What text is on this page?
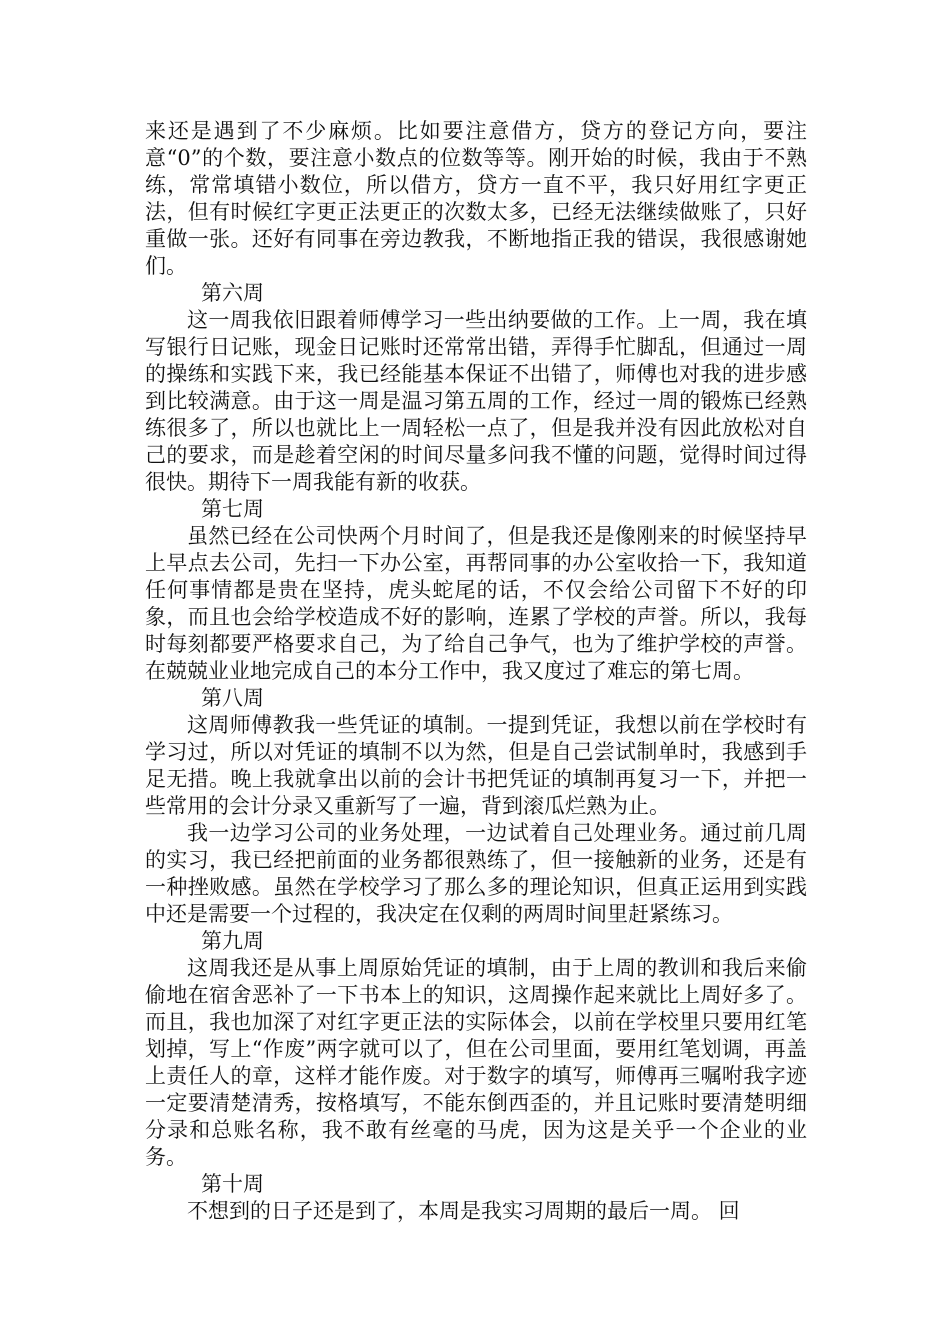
来还是遇到了不少麻烦。比如要注意借方，贷方的登记方向，要注意“0”的个数，要注意小数点的位数等等。刚开始的时候，我由于不熟练，常常填错小数位，所以借方，贷方一直不平，我只好用红字更正法，但有时候红字更正法更正的次数太多，已经无法继续做账了，只好重做一张。还好有同事在旁边教我，不断地指正我的错误，我很感谢她们。

第六周

这一周我依旧跟着师傅学习一些出纳要做的工作。上一周，我在填写银行日记账，现金日记账时还常常出错，弄得手忙脚乱，但通过一周的操练和实践下来，我已经能基本保证不出错了，师傅也对我的进步感到比较满意。由于这一周是温习第五周的工作，经过一周的锻炼已经熟练很多了，所以也就比上一周轻松一点了，但是我并没有因此放松对自己的要求，而是趁着空闲的时间尽量多问我不懂的问题，觉得时间过得很快。期待下一周我能有新的收获。

第七周

虽然已经在公司快两个月时间了，但是我还是像刚来的时候坚持早上早点去公司，先扫一下办公室，再帮同事的办公室收拾一下，我知道任何事情都是贵在坚持，虎头蛇尾的话，不仅会给公司留下不好的印象，而且也会给学校造成不好的影响，连累了学校的声誉。所以，我每时每刻都要严格要求自己，为了给自己争气，也为了维护学校的声誉。 在兢兢业业地完成自己的本分工作中，我又度过了难忘的第七周。

第八周

这周师傅教我一些凭证的填制。一提到凭证，我想以前在学校时有学习过，所以对凭证的填制不以为然，但是自己尝试制单时，我感到手足无措。晚上我就拿出以前的会计书把凭证的填制再复习一下，并把一些常用的会计分录又重新写了一遍，背到滚瓜烂熟为止。

我一边学习公司的业务处理，一边试着自己处理业务。通过前几周的实习，我已经把前面的业务都很熟练了，但一接触新的业务，还是有一种挫败感。虽然在学校学习了那么多的理论知识，但真正运用到实践中还是需要一个过程的，我决定在仅剩的两周时间里赶紧练习。

第九周

这周我还是从事上周原始凭证的填制，由于上周的教训和我后来偷偷地在宿舍恶补了一下书本上的知识，这周操作起来就比上周好多了。而且，我也加深了对红字更正法的实际体会，以前在学校里只要用红笔划掉，写上“作废”两字就可以了，但在公司里面，要用红笔划调，再盖上责任人的章，这样才能作废。对于数字的填写，师傅再三嘱咐我字迹一定要清楚清秀，按格填写，不能东倒西歪的，并且记账时要清楚明细分录和总账名称，我不敢有丝毫的马虎，因为这是关乎一个企业的业务。

第十周

不想到的日子还是到了，本周是我实习周期的最后一周。 回
